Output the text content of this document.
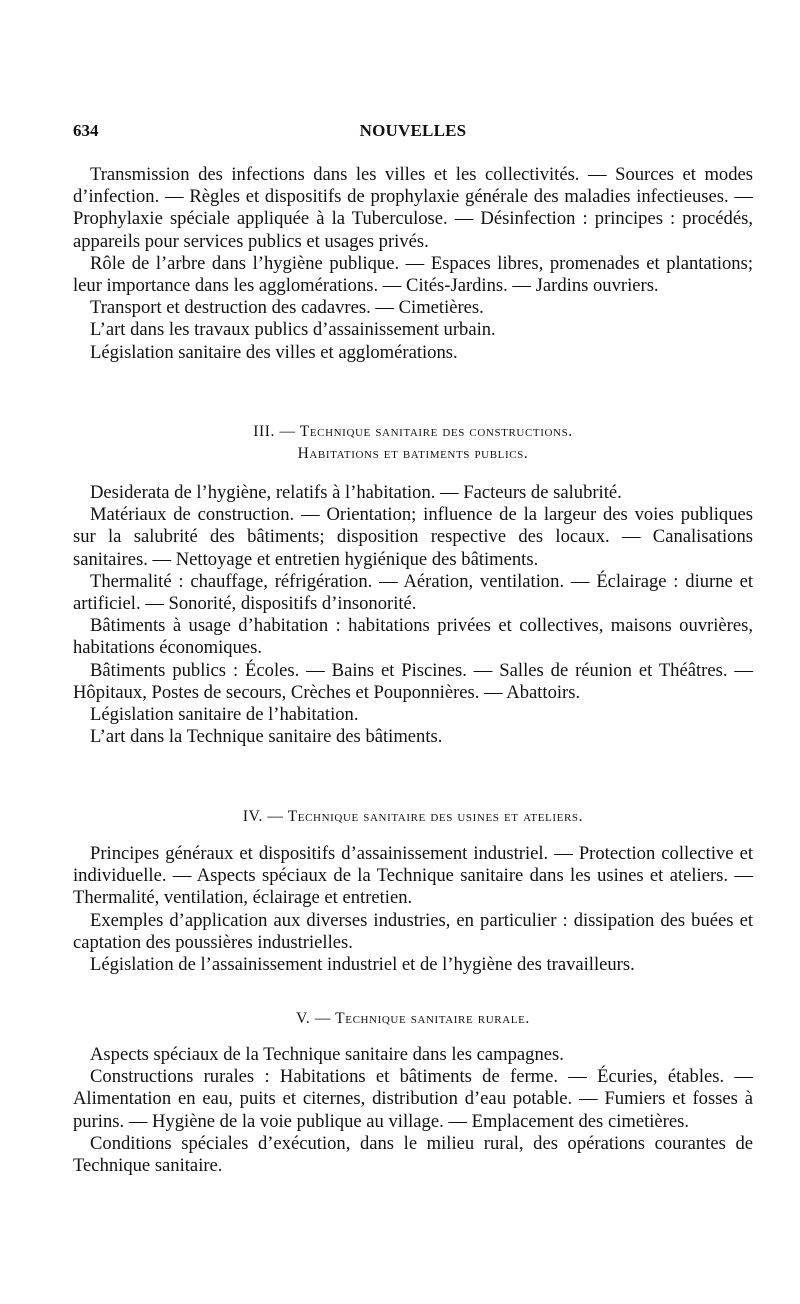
NOUVELLES
634

Transmission des infections dans les villes et les collectivités. — Sources et modes d’infection. — Règles et dispositifs de prophylaxie générale des maladies infectieuses. — Prophylaxie spéciale appliquée à la Tuberculose. — Désinfection : principes : procédés, appareils pour services publics et usages privés.

Rôle de l’arbre dans l’hygiène publique. — Espaces libres, promenades et plantations; leur importance dans les agglomérations. — Cités-Jardins. — Jardins ouvriers.

Transport et destruction des cadavres. — Cimetières.

L’art dans les travaux publics d’assainissement urbain.

Législation sanitaire des villes et agglomérations.

III. — Technique sanitaire des constructions.
Habitations et batiments publics.

Desiderata de l’hygiène, relatifs à l’habitation. — Facteurs de salubrité.

Matériaux de construction. — Orientation; influence de la largeur des voies publiques sur la salubrité des bâtiments; disposition respective des locaux. — Canalisations sanitaires. — Nettoyage et entretien hygiénique des bâtiments.

Thermalité : chauffage, réfrigération. — Aération, ventilation. — Éclairage : diurne et artificiel. — Sonorité, dispositifs d’insonorité.

Bâtiments à usage d’habitation : habitations privées et collectives, maisons ouvrières, habitations économiques.

Bâtiments publics : Écoles. — Bains et Piscines. — Salles de réunion et Théâtres. — Hôpitaux, Postes de secours, Crèches et Pouponnières. — Abattoirs.

Législation sanitaire de l’habitation.

L’art dans la Technique sanitaire des bâtiments.

IV. — Technique sanitaire des usines et ateliers.

Principes généraux et dispositifs d’assainissement industriel. — Protection collective et individuelle. — Aspects spéciaux de la Technique sanitaire dans les usines et ateliers. — Thermalité, ventilation, éclairage et entretien.

Exemples d’application aux diverses industries, en particulier : dissipation des buées et captation des poussières industrielles.

Législation de l’assainissement industriel et de l’hygiène des travailleurs.

V. — Technique sanitaire rurale.

Aspects spéciaux de la Technique sanitaire dans les campagnes.

Constructions rurales : Habitations et bâtiments de ferme. — Écuries, étables. — Alimentation en eau, puits et citernes, distribution d’eau potable. — Fumiers et fosses à purins. — Hygiène de la voie publique au village. — Emplacement des cimetières.

Conditions spéciales d’exécution, dans le milieu rural, des opérations courantes de Technique sanitaire.
